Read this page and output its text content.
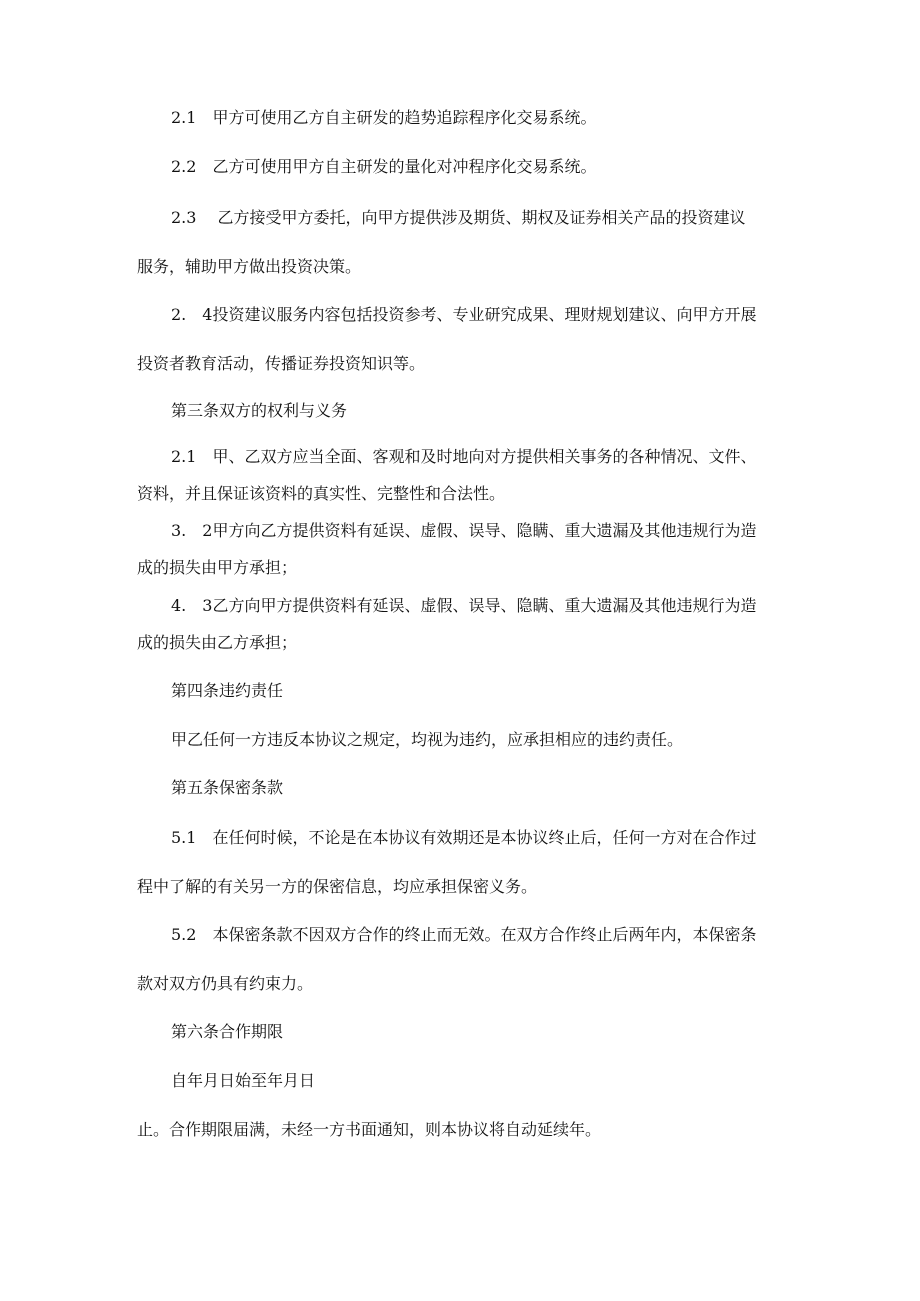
2.1　甲方可使用乙方自主研发的趋势追踪程序化交易系统。
2.2　乙方可使用甲方自主研发的量化对冲程序化交易系统。
2.3　 乙方接受甲方委托，向甲方提供涉及期货、期权及证券相关产品的投资建议
服务，辅助甲方做出投资决策。
2.　4投资建议服务内容包括投资参考、专业研究成果、理财规划建议、向甲方开展
投资者教育活动，传播证券投资知识等。
第三条双方的权利与义务
2.1　甲、乙双方应当全面、客观和及时地向对方提供相关事务的各种情况、文件、
资料，并且保证该资料的真实性、完整性和合法性。
3.　2甲方向乙方提供资料有延误、虚假、误导、隐瞒、重大遗漏及其他违规行为造
成的损失由甲方承担；
4.　3乙方向甲方提供资料有延误、虚假、误导、隐瞒、重大遗漏及其他违规行为造
成的损失由乙方承担；
第四条违约责任
甲乙任何一方违反本协议之规定，均视为违约，应承担相应的违约责任。
第五条保密条款
5.1　在任何时候，不论是在本协议有效期还是本协议终止后，任何一方对在合作过
程中了解的有关另一方的保密信息，均应承担保密义务。
5.2　本保密条款不因双方合作的终止而无效。在双方合作终止后两年内，本保密条
款对双方仍具有约束力。
第六条合作期限
自年月日始至年月日
止。合作期限届满，未经一方书面通知，则本协议将自动延续年。
